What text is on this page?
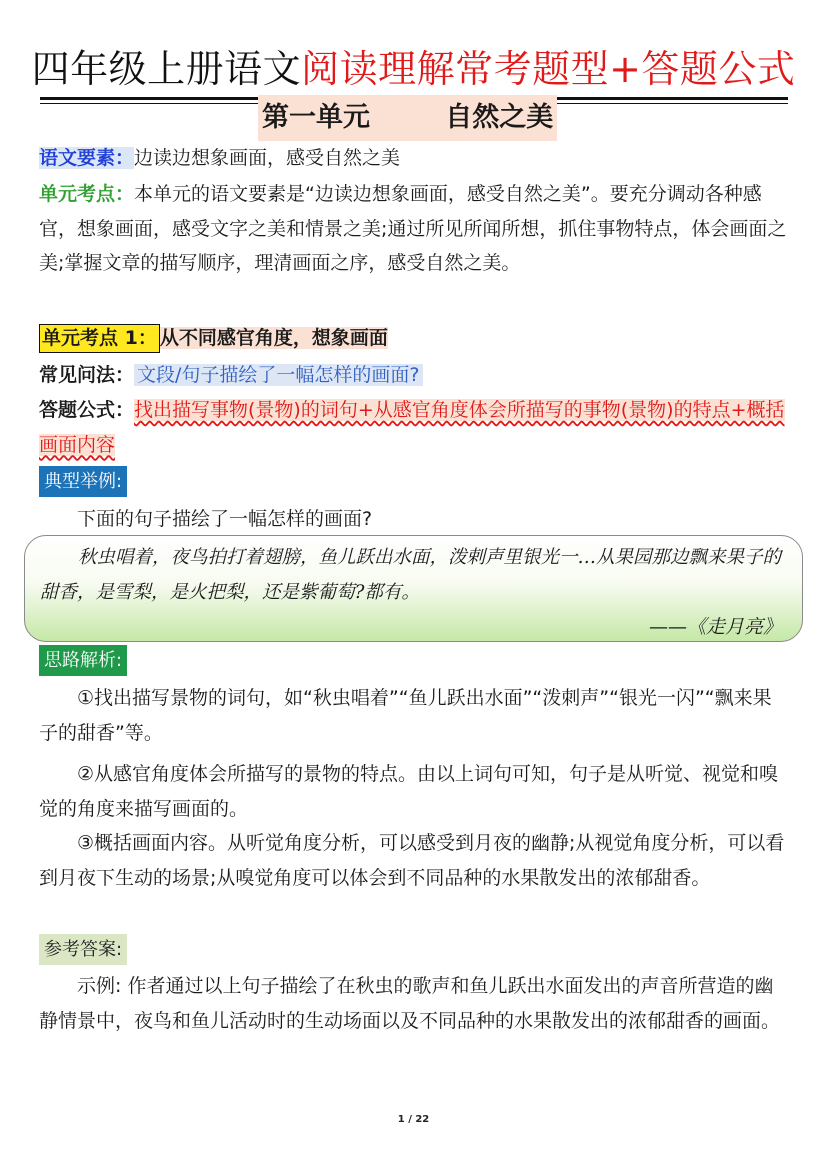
四年级上册语文阅读理解常考题型+答题公式
第一单元        自然之美
语文要素：边读边想象画面，感受自然之美
单元考点：本单元的语文要素是“边读边想象画面，感受自然之美”。要充分调动各种感官，想象画面，感受文字之美和情景之美;通过所见所闻所想，抓住事物特点，体会画面之美;掌握文章的描写顺序，理清画面之序，感受自然之美。
单元考点 1： 从不同感官角度，想象画面
常见问法： 文段/句子描绘了一幅怎样的画面?
答题公式：找出描写事物(景物)的词句+从感官角度体会所描写的事物(景物)的特点+概括画面内容
典型举例:
下面的句子描绘了一幅怎样的画面?
秋虫唱着，夜鸟拍打着翅膀，鱼儿跃出水面，泼剌声里银光一…从果园那边飘来果子的甜香，是雪梨，是火把梨，还是紫葡萄?都有。
——《走月亮》
思路解析:
①找出描写景物的词句，如“秋虫唱着”“鱼儿跃出水面”“泼刺声”“银光一闪”“飘来果子的甜香”等。
②从感官角度体会所描写的景物的特点。由以上词句可知，句子是从听觉、视觉和嗅觉的角度来描写画面的。
③概括画面内容。从听觉角度分析，可以感受到月夜的幽静;从视觉角度分析，可以看到月夜下生动的场景;从嗅觉角度可以体会到不同品种的水果散发出的浓郁甜香。
参考答案:
示例: 作者通过以上句子描绘了在秋虫的歌声和鱼儿跃出水面发出的声音所营造的幽静情景中，夜鸟和鱼儿活动时的生动场面以及不同品种的水果散发出的浓郁甜香的画面。
1 / 22
